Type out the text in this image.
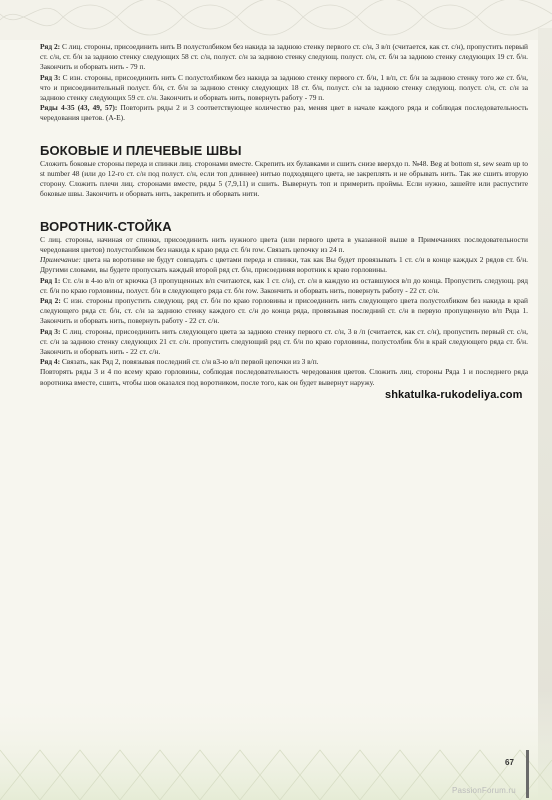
Ряд 2: С лиц. стороны, присоединить нить В полустолбиком без накида за заднюю стенку первого ст. с/н, 3 в/п (считается, как ст. с/н), пропустить первый ст. с/н, ст. б/н за заднюю стенку следующих 58 ст. с/н, полуст. с/н за заднюю стенку следующ. полуст. с/н, ст. б/н за заднюю стенку следующих 19 ст. б/н. Закончить и оборвать нить - 79 п.

Ряд 3: С изн. стороны, присоединить нить С полустолбиком без накида за заднюю стенку первого ст. б/н, 1 в/п, ст. б/н за заднюю стенку того же ст. б/н, что и присоединительный полуст. б/н, ст. б/н за заднюю стенку следующих 18 ст. б/н, полуст. с/н за заднюю стенку следующ. полуст. с/н, ст. с/н за заднюю стенку следующих 59 ст. с/н. Закончить и оборвать нить, повернуть работу - 79 п.

Ряды 4-35 (43, 49, 57): Повторить ряды 2 и 3 соответствующее количество раз, меняя цвет в начале каждого ряда и соблюдая последовательность чередования цветов. (А-Е).

БОКОВЫЕ И ПЛЕЧЕВЫЕ ШВЫ

Сложить боковые стороны переда и спинки лиц. сторонами вместе. Скрепить их булавками и сшить снизе вверхдо п. №48. Beg at bottom st, sew seam up to st number 48 (или до 12-го ст. с/н под полуст. с/н, если топ длиннее) нитью подходящего цвета, не закреплять и не обрывать нить. Так же сшить вторую сторону. Сложить плечи лиц. сторонами вместе, ряды 5 (7,9,11) и сшить. Вывернуть топ и примерить проймы. Если нужно, зашейте или распустите боковые швы. Закончить и оборвать нить, закрепить и оборвать нити.

ВОРОТНИК-СТОЙКА

С лиц. стороны, начиная от спинки, присоединить нить нужного цвета (или первого цвета в указанной выше в Примечаниях последовательности чередования цветов) полустолбиком без накида к краю ряда ст. б/н row. Связать цепочку из 24 п.

Примечание: цвета на воротнике не будут совпадать с цветами переда и спинки, так как Вы будет провязывать 1 ст. с/н в конце каждых 2 рядов ст. б/н. Другими словами, вы будете пропускать каждый второй ряд ст. б/н, присоединяя воротник к краю горловины.

Ряд 1: Ст. с/н в 4-ю в/п от крючка (3 пропущенных в/п считаются, как 1 ст. с/н), ст. с/н в каждую из оставшуюся в/п до конца. Пропустить следующ. ряд ст. б/н по краю горловины, полуст. б/н в следующего ряда ст. б/н row. Закончить и оборвать нить, повернуть работу - 22 ст. с/н.

Ряд 2: С изн. стороны пропустить следующ. ряд ст. б/н по краю горловины и присоединить нить следующего цвета полустолбиком без накида в край следующего ряда ст. б/н, ст. с/н за заднюю стенку каждого ст. с/н до конца ряда, провязывая последний ст. с/н в первую пропущенную в/п Ряда 1. Закончить и оборвать нить, повернуть работу - 22 ст. с/н.

Ряд 3: С лиц. стороны, присоединить нить следующего цвета за заднюю стенку первого ст. с/н, 3 в /п (считается, как ст. с/н), пропустить первый ст. с/н, ст. с/н за заднюю стенку следующих 21 ст. с/н. пропустить следующий ряд ст. б/н по краю горловины, полустолбик б/н в край следующего ряда ст. б/н. Закончить и оборвать нить - 22 ст. с/н.

Ряд 4: Связать, как Ряд 2, повязывая последний ст. с/н в3-ю в/п первой цепочки из 3 в/п.

Повторять ряды 3 и 4 по всему краю горловины, соблюдая последовательность чередования цветов. Сложить лиц. стороны Ряда 1 и последнего ряда воротника вместе, сшить, чтобы шов оказался под воротником, после того, как он будет вывернут наружу.

shkatulka-rukodeliya.com
67
PassionForum.ru
